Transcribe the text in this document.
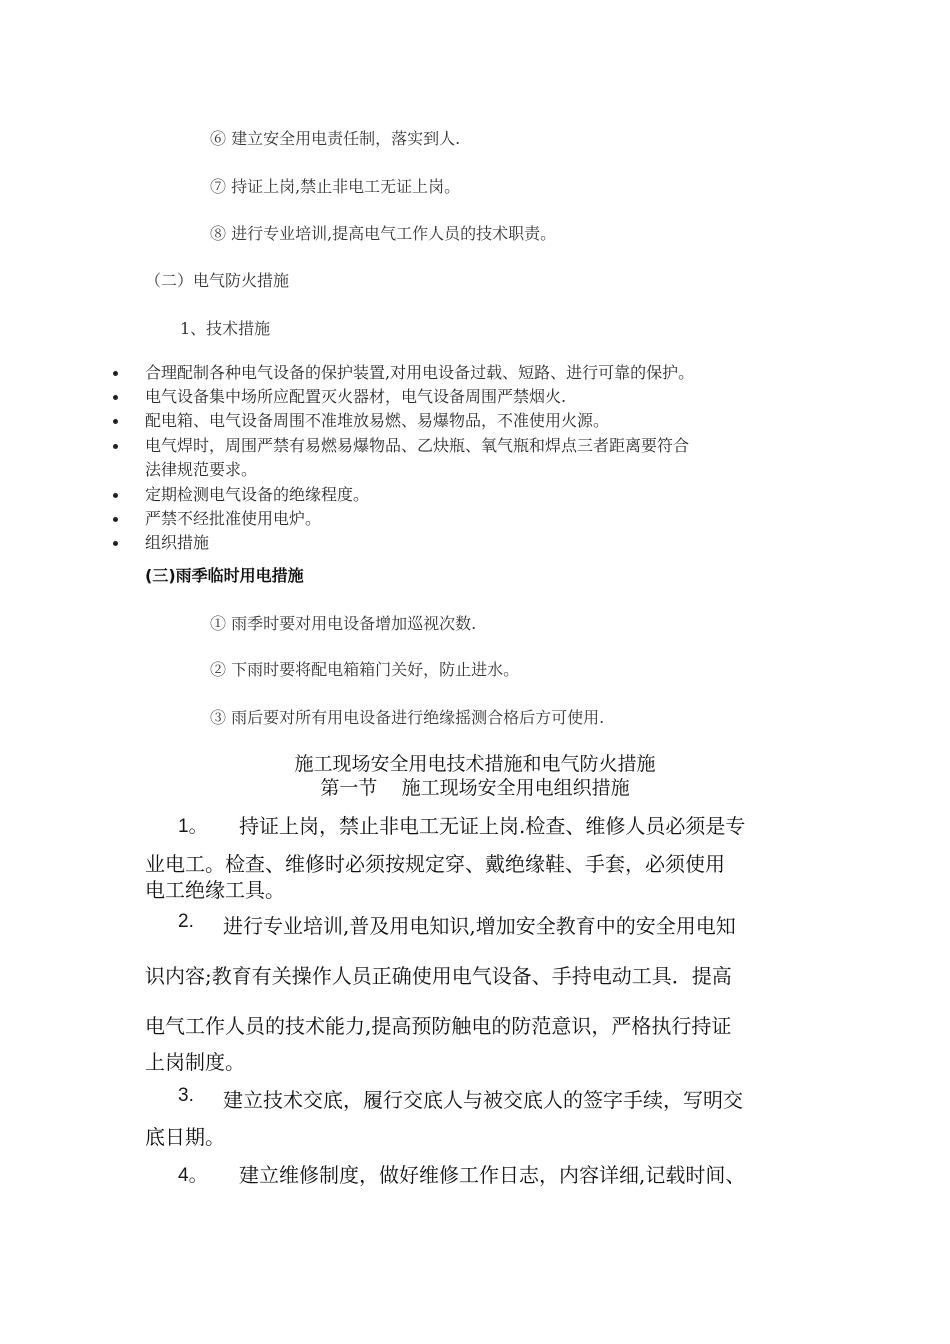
⑥ 建立安全用电责任制，落实到人.
⑦ 持证上岗,禁止非电工无证上岗。
⑧ 进行专业培训,提高电气工作人员的技术职责。
（二）电气防火措施
1、技术措施
合理配制各种电气设备的保护装置,对用电设备过载、短路、进行可靠的保护。
电气设备集中场所应配置灭火器材，电气设备周围严禁烟火.
配电箱、电气设备周围不准堆放易燃、易爆物品，不准使用火源。
电气焊时，周围严禁有易燃易爆物品、乙炔瓶、氧气瓶和焊点三者距离要符合
法律规范要求。
定期检测电气设备的绝缘程度。
严禁不经批准使用电炉。
组织措施
(三)雨季临时用电措施
① 雨季时要对用电设备增加巡视次数.
② 下雨时要将配电箱箱门关好，防止进水。
③ 雨后要对所有用电设备进行绝缘摇测合格后方可使用.
施工现场安全用电技术措施和电气防火措施
第一节    施工现场安全用电组织措施
1。 持证上岗，禁止非电工无证上岗.检查、维修人员必须是专
业电工。检查、维修时必须按规定穿、戴绝缘鞋、手套，必须使用
电工绝缘工具。
2. 进行专业培训,普及用电知识,增加安全教育中的安全用电知
识内容;教育有关操作人员正确使用电气设备、手持电动工具．提高
电气工作人员的技术能力,提高预防触电的防范意识，严格执行持证
上岗制度。
3. 建立技术交底，履行交底人与被交底人的签字手续，写明交
底日期。
4。 建立维修制度，做好维修工作日志，内容详细,记载时间、
